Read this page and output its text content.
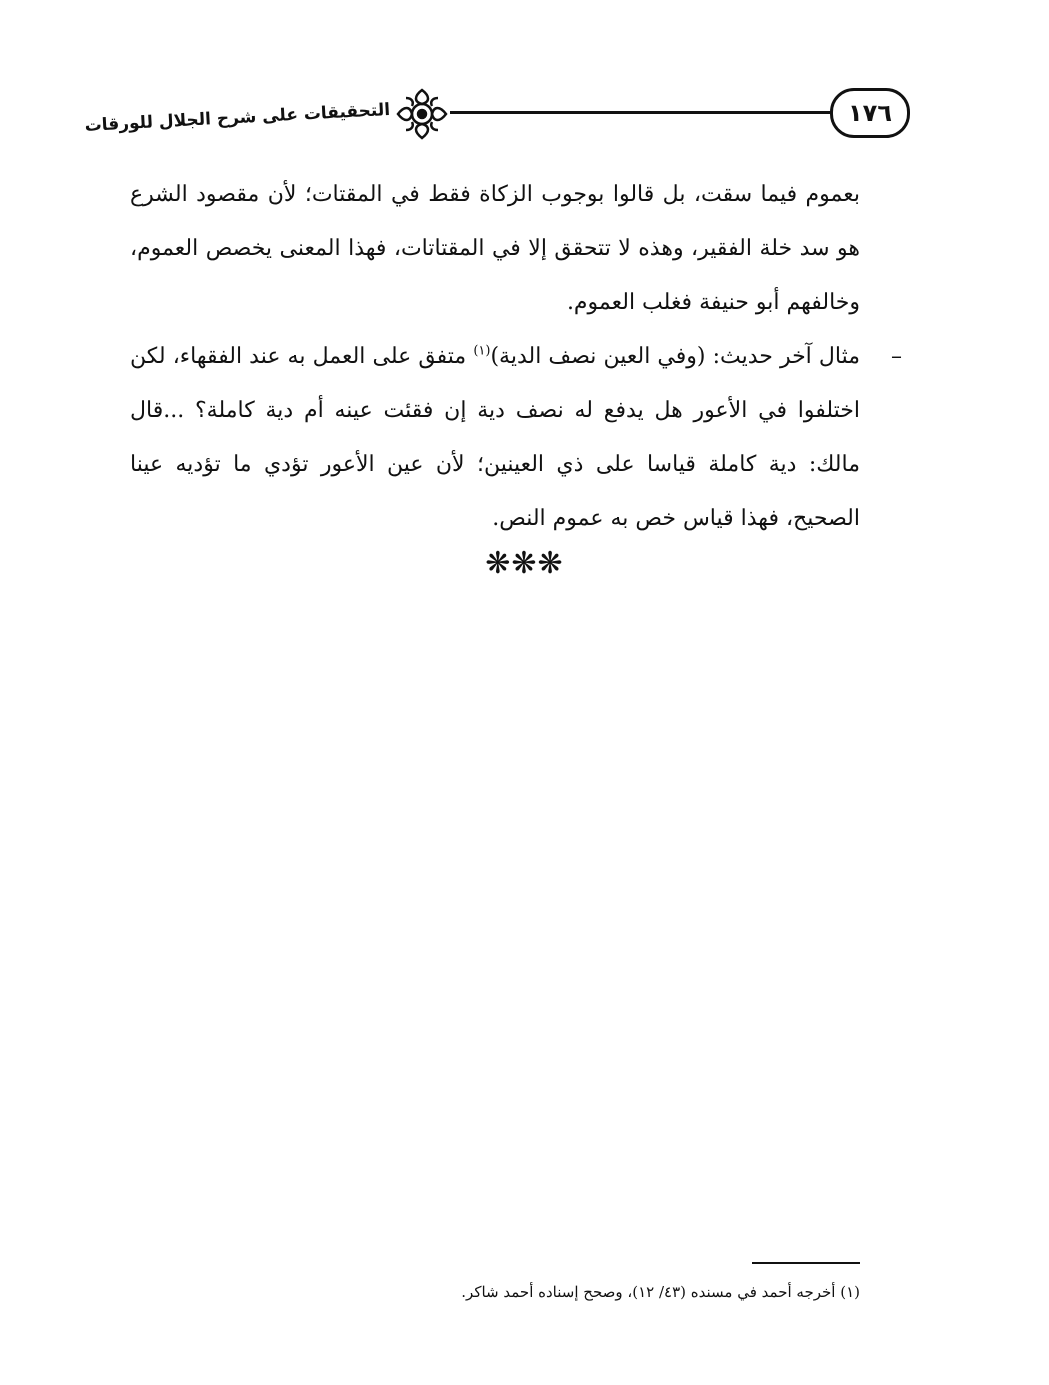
التحقيقات على شرح الجلال للورقات	١٧٦

بعموم فيما سقت، بل قالوا بوجوب الزكاة فقط في المقتات؛ لأن مقصود الشرع هو سد خلة الفقير، وهذه لا تتحقق إلا في المقتاتات، فهذا المعنى يخصص العموم، وخالفهم أبو حنيفة فغلب العموم.

–
مثال آخر حديث: (وفي العين نصف الدية)$^{(١)}$ متفق على العمل به عند الفقهاء، لكن اختلفوا في الأعور هل يدفع له نصف دية إن فقئت عينه أم دية كاملة؟ ...قال مالك: دية كاملة قياسا على ذي العينين؛ لأن عين الأعور تؤدي ما تؤديه عينا الصحيح، فهذا قياس خص به عموم النص.

❋❋❋
(١) أخرجه أحمد في مسنده (٤٣/ ١٢)، وصحح إسناده أحمد شاكر.
